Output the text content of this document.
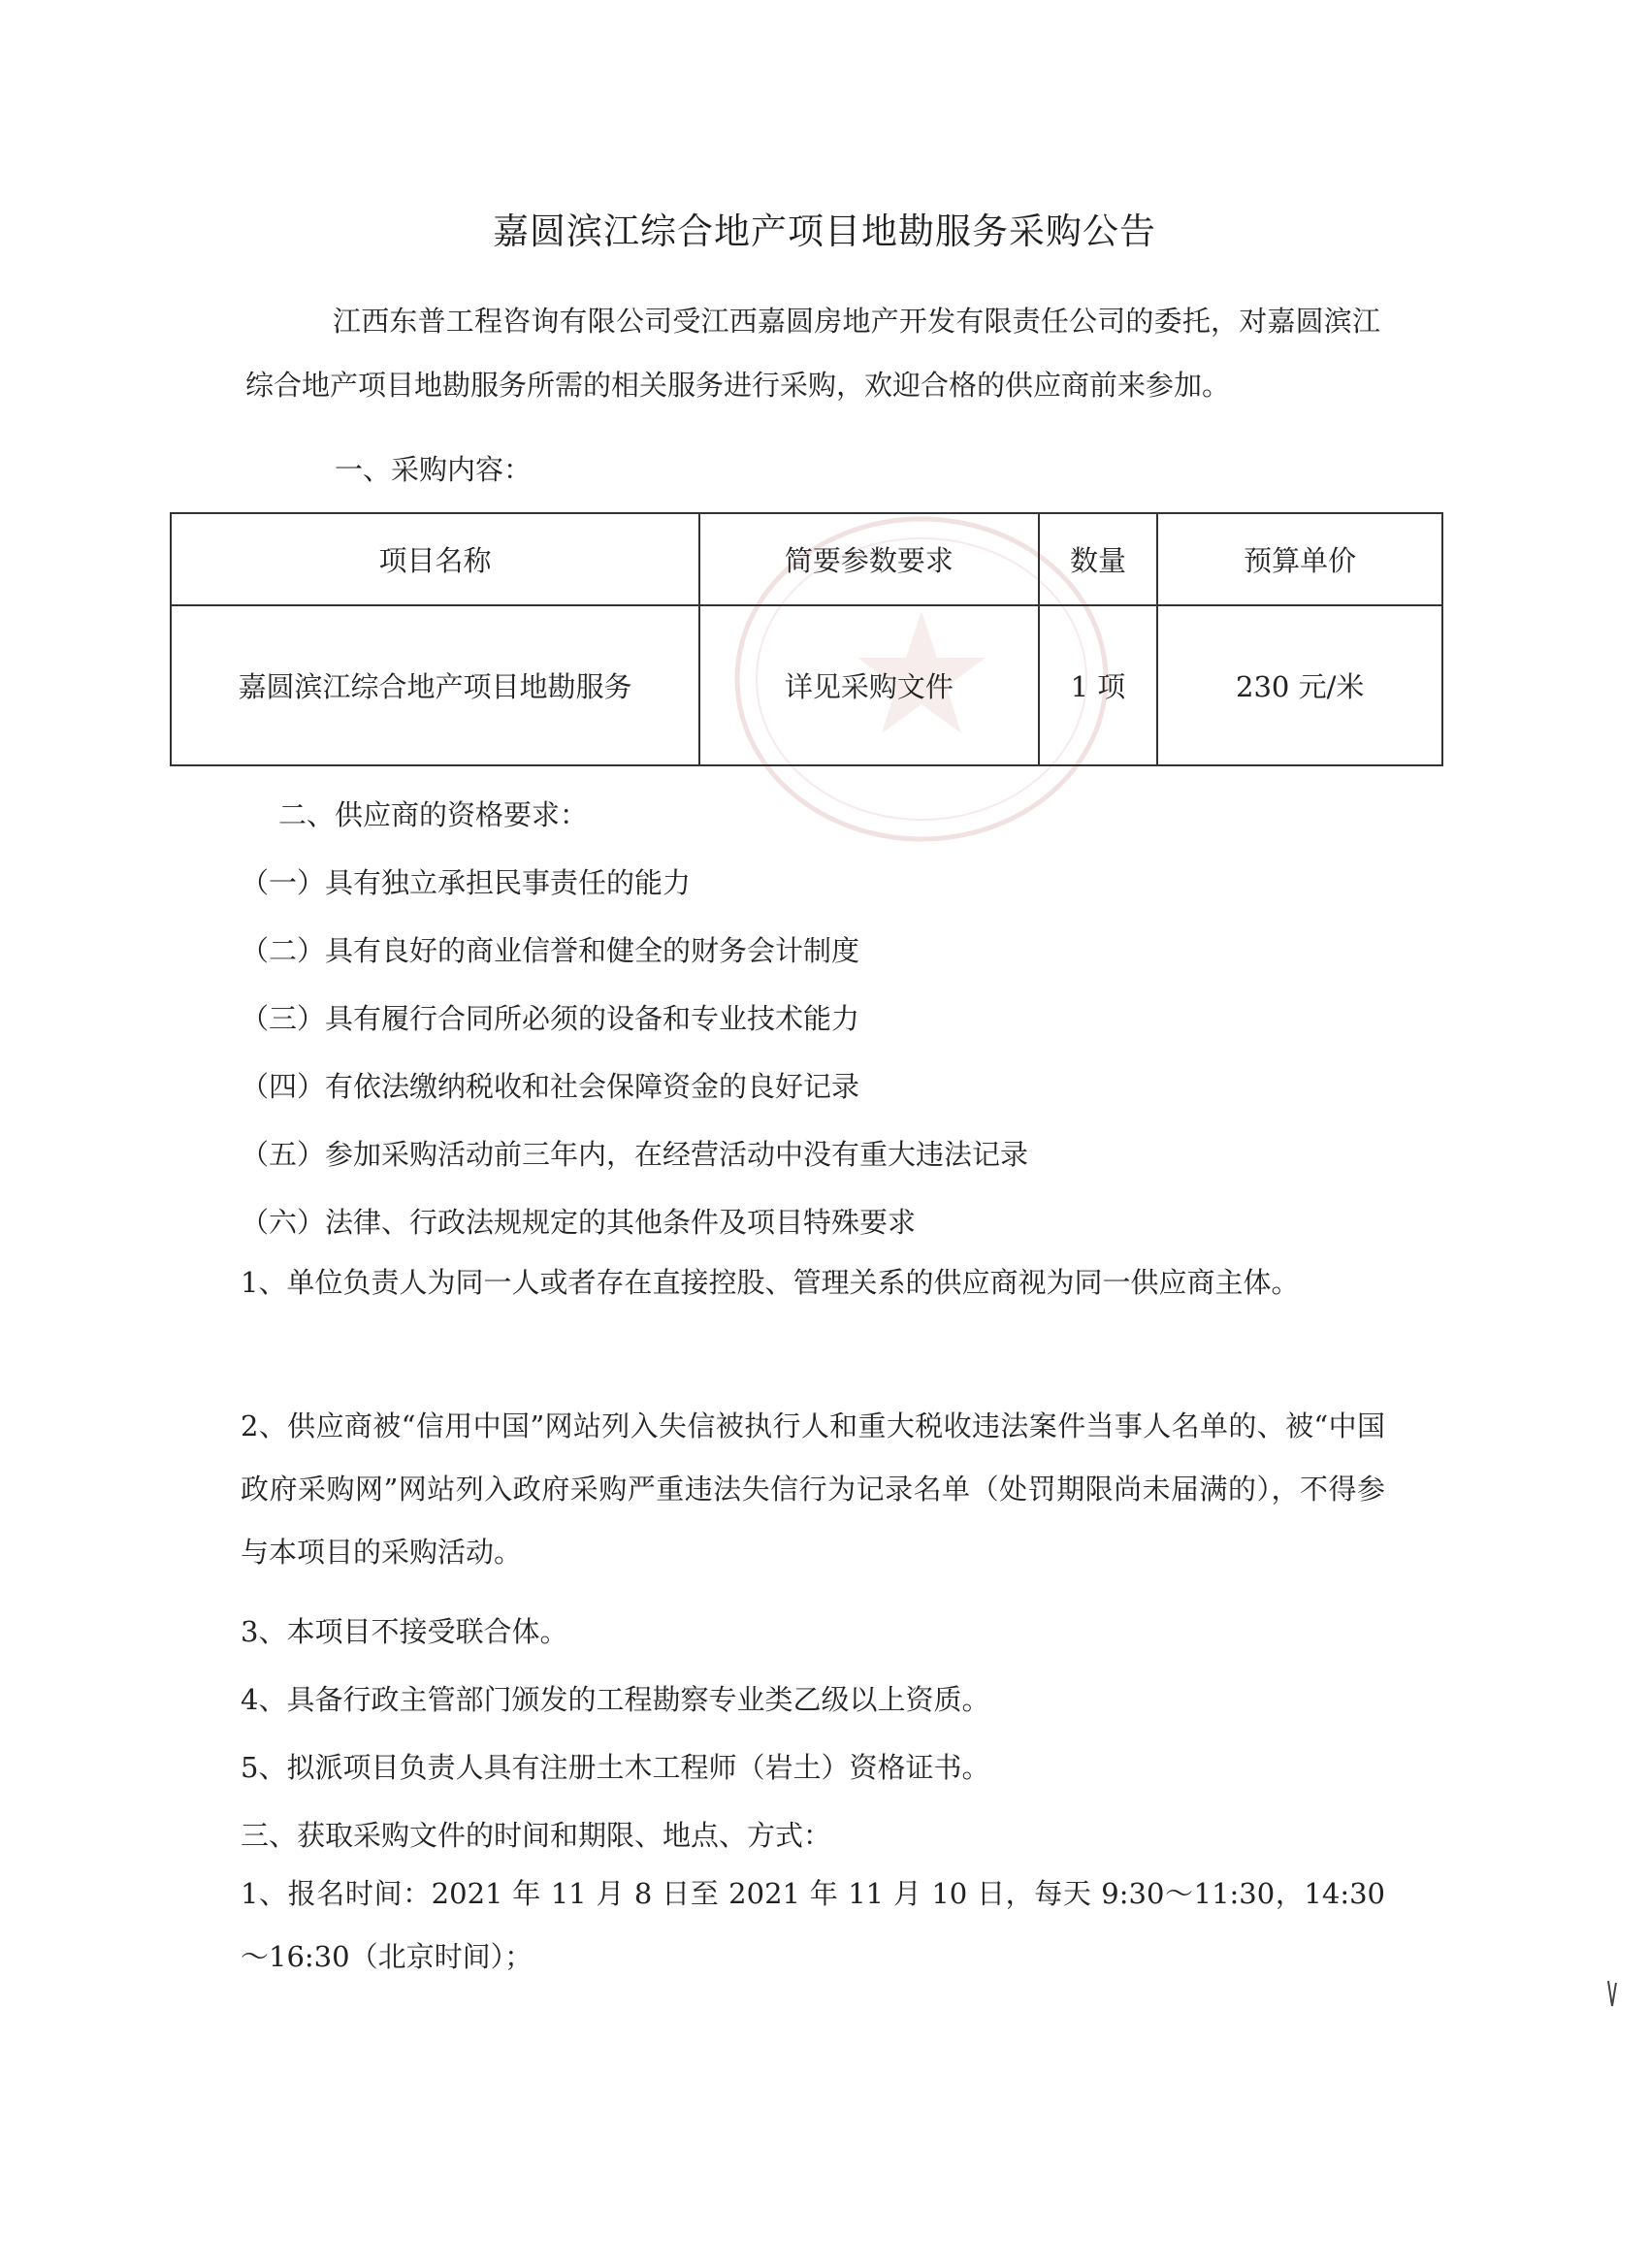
嘉圆滨江综合地产项目地勘服务采购公告
江西东普工程咨询有限公司受江西嘉圆房地产开发有限责任公司的委托，对嘉圆滨江综合地产项目地勘服务所需的相关服务进行采购，欢迎合格的供应商前来参加。
一、采购内容：
项目名称	简要参数要求	数量	预算单价
嘉圆滨江综合地产项目地勘服务	详见采购文件	1 项	230 元/米
二、供应商的资格要求：
（一）具有独立承担民事责任的能力
（二）具有良好的商业信誉和健全的财务会计制度
（三）具有履行合同所必须的设备和专业技术能力
（四）有依法缴纳税收和社会保障资金的良好记录
（五）参加采购活动前三年内，在经营活动中没有重大违法记录
（六）法律、行政法规规定的其他条件及项目特殊要求
1、单位负责人为同一人或者存在直接控股、管理关系的供应商视为同一供应商主体。
2、供应商被“信用中国”网站列入失信被执行人和重大税收违法案件当事人名单的、被“中国政府采购网”网站列入政府采购严重违法失信行为记录名单（处罚期限尚未届满的），不得参与本项目的采购活动。
3、本项目不接受联合体。
4、具备行政主管部门颁发的工程勘察专业类乙级以上资质。
5、拟派项目负责人具有注册土木工程师（岩土）资格证书。
三、获取采购文件的时间和期限、地点、方式：
1、报名时间：2021 年 11 月 8 日至 2021 年 11 月 10 日，每天 9:30～11:30，14:30～16:30（北京时间）；
